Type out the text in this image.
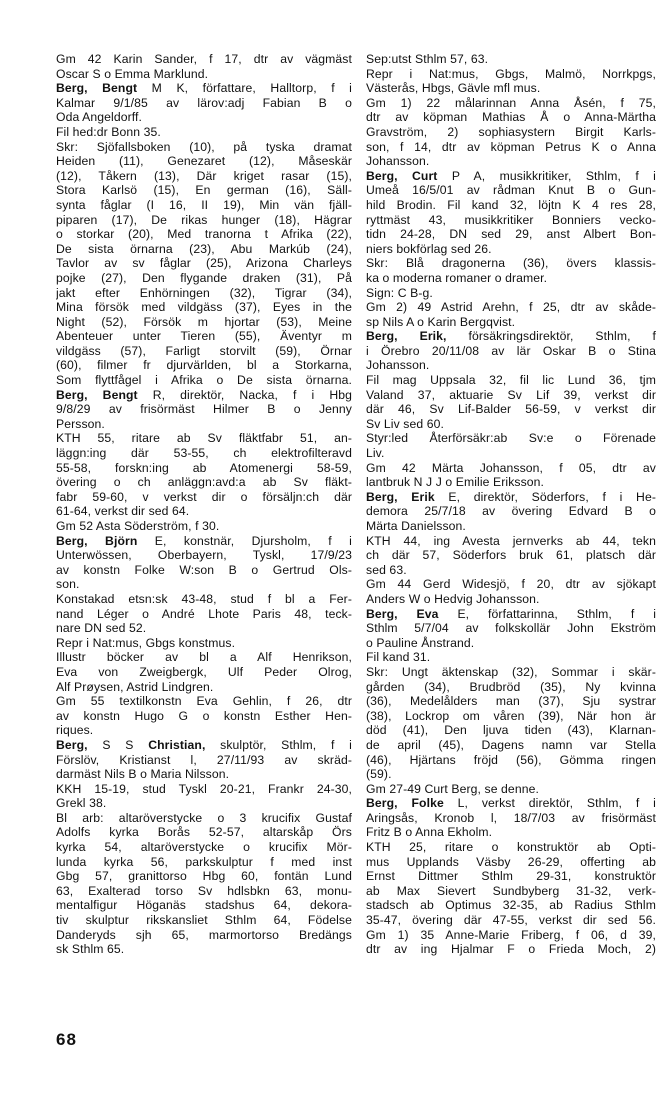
Gm 42 Karin Sander, f 17, dtr av vägmäst
Oscar S o Emma Marklund.
Berg, Bengt M K, författare, Halltorp, f i
Kalmar 9/1/85 av lärov:adj Fabian B o
Oda Angeldorff.
Fil hed:dr Bonn 35.
Skr: Sjöfallsboken (10), på tyska dramat
Heiden (11), Genezaret (12), Måseskär
(12), Tåkern (13), Där kriget rasar (15),
Stora Karlsö (15), En german (16), Säll-
synta fåglar (I 16, II 19), Min vän fjäll-
piparen (17), De rikas hunger (18), Hägrar
o storkar (20), Med tranorna t Afrika (22),
De sista örnarna (23), Abu Markúb (24),
Tavlor av sv fåglar (25), Arizona Charleys
pojke (27), Den flygande draken (31), På
jakt efter Enhörningen (32), Tigrar (34),
Mina försök med vildgäss (37), Eyes in the
Night (52), Försök m hjortar (53), Meine
Abenteuer unter Tieren (55), Äventyr m
vildgäss (57), Farligt storvilt (59), Örnar
(60), filmer fr djurvärlden, bl a Storkarna,
Som flyttfågel i Afrika o De sista örnarna.
Berg, Bengt R, direktör, Nacka, f i Hbg
9/8/29 av frisörmäst Hilmer B o Jenny
Persson.
KTH 55, ritare ab Sv fläktfabr 51, an-
läggn:ing där 53-55, ch elektrofilteravd
55-58, forskn:ing ab Atomenergi 58-59,
övering o ch anläggn:avd:a ab Sv fläkt-
fabr 59-60, v verkst dir o försäljn:ch där
61-64, verkst dir sed 64.
Gm 52 Asta Söderström, f 30.
Berg, Björn E, konstnär, Djursholm, f i
Unterwössen, Oberbayern, Tyskl, 17/9/23
av konstn Folke W:son B o Gertrud Ols-
son.
Konstakad etsn:sk 43-48, stud f bl a Fer-
nand Léger o André Lhote Paris 48, teck-
nare DN sed 52.
Repr i Nat:mus, Gbgs konstmus.
Illustr böcker av bl a Alf Henrikson,
Eva von Zweigbergk, Ulf Peder Olrog,
Alf Prøysen, Astrid Lindgren.
Gm 55 textilkonstn Eva Gehlin, f 26, dtr
av konstn Hugo G o konstn Esther Hen-
riques.
Berg, S S Christian, skulptör, Sthlm, f i
Förslöv, Kristianst l, 27/11/93 av skräd-
darmäst Nils B o Maria Nilsson.
KKH 15-19, stud Tyskl 20-21, Frankr 24-30,
Grekl 38.
Bl arb: altaröverstycke o 3 krucifix Gustaf
Adolfs kyrka Borås 52-57, altarskåp Örs
kyrka 54, altaröverstycke o krucifix Mör-
lunda kyrka 56, parkskulptur f med inst
Gbg 57, granittorso Hbg 60, fontän Lund
63, Exalterad torso Sv hdlsbkn 63, monu-
mentalfigur Höganäs stadshus 64, dekora-
tiv skulptur rikskansliet Sthlm 64, Födelse
Danderyds sjh 65, marmortorso Bredängs
sk Sthlm 65.
Sep:utst Sthlm 57, 63.
Repr i Nat:mus, Gbgs, Malmö, Norrkpgs,
Västerås, Hbgs, Gävle mfl mus.
Gm 1) 22 målarinnan Anna Åsén, f 75,
dtr av köpman Mathias Å o Anna-Märtha
Gravström, 2) sophiasystern Birgit Karls-
son, f 14, dtr av köpman Petrus K o Anna
Johansson.
Berg, Curt P A, musikkritiker, Sthlm, f i
Umeå 16/5/01 av rådman Knut B o Gun-
hild Brodin. Fil kand 32, löjtn K 4 res 28,
ryttmäst 43, musikkritiker Bonniers vecko-
tidn 24-28, DN sed 29, anst Albert Bon-
niers bokförlag sed 26.
Skr: Blå dragonerna (36), övers klassis-
ka o moderna romaner o dramer.
Sign: C B-g.
Gm 2) 49 Astrid Arehn, f 25, dtr av skåde-
sp Nils A o Karin Bergqvist.
Berg, Erik, försäkringsdirektör, Sthlm, f
i Örebro 20/11/08 av lär Oskar B o Stina
Johansson.
Fil mag Uppsala 32, fil lic Lund 36, tjm
Valand 37, aktuarie Sv Lif 39, verkst dir
där 46, Sv Lif-Balder 56-59, v verkst dir
Sv Liv sed 60.
Styr:led Återförsäkr:ab Sv:e o Förenade
Liv.
Gm 42 Märta Johansson, f 05, dtr av
lantbruk N J J o Emilie Eriksson.
Berg, Erik E, direktör, Söderfors, f i He-
demora 25/7/18 av övering Edvard B o
Märta Danielsson.
KTH 44, ing Avesta jernverks ab 44, tekn
ch där 57, Söderfors bruk 61, platsch där
sed 63.
Gm 44 Gerd Widesjö, f 20, dtr av sjökapt
Anders W o Hedvig Johansson.
Berg, Eva E, författarinna, Sthlm, f i
Sthlm 5/7/04 av folkskollär John Ekström
o Pauline Ånstrand.
Fil kand 31.
Skr: Ungt äktenskap (32), Sommar i skär-
gården (34), Brudbröd (35), Ny kvinna
(36), Medelålders man (37), Sju systrar
(38), Lockrop om våren (39), När hon är
död (41), Den ljuva tiden (43), Klarnan-
de april (45), Dagens namn var Stella
(46), Hjärtans fröjd (56), Gömma ringen
(59).
Gm 27-49 Curt Berg, se denne.
Berg, Folke L, verkst direktör, Sthlm, f i
Aringsås, Kronob l, 18/7/03 av frisörmäst
Fritz B o Anna Ekholm.
KTH 25, ritare o konstruktör ab Opti-
mus Upplands Väsby 26-29, offerting ab
Ernst Dittmer Sthlm 29-31, konstruktör
ab Max Sievert Sundbyberg 31-32, verk-
stadsch ab Optimus 32-35, ab Radius Sthlm
35-47, övering där 47-55, verkst dir sed 56.
Gm 1) 35 Anne-Marie Friberg, f 06, d 39,
dtr av ing Hjalmar F o Frieda Moch, 2)
68
